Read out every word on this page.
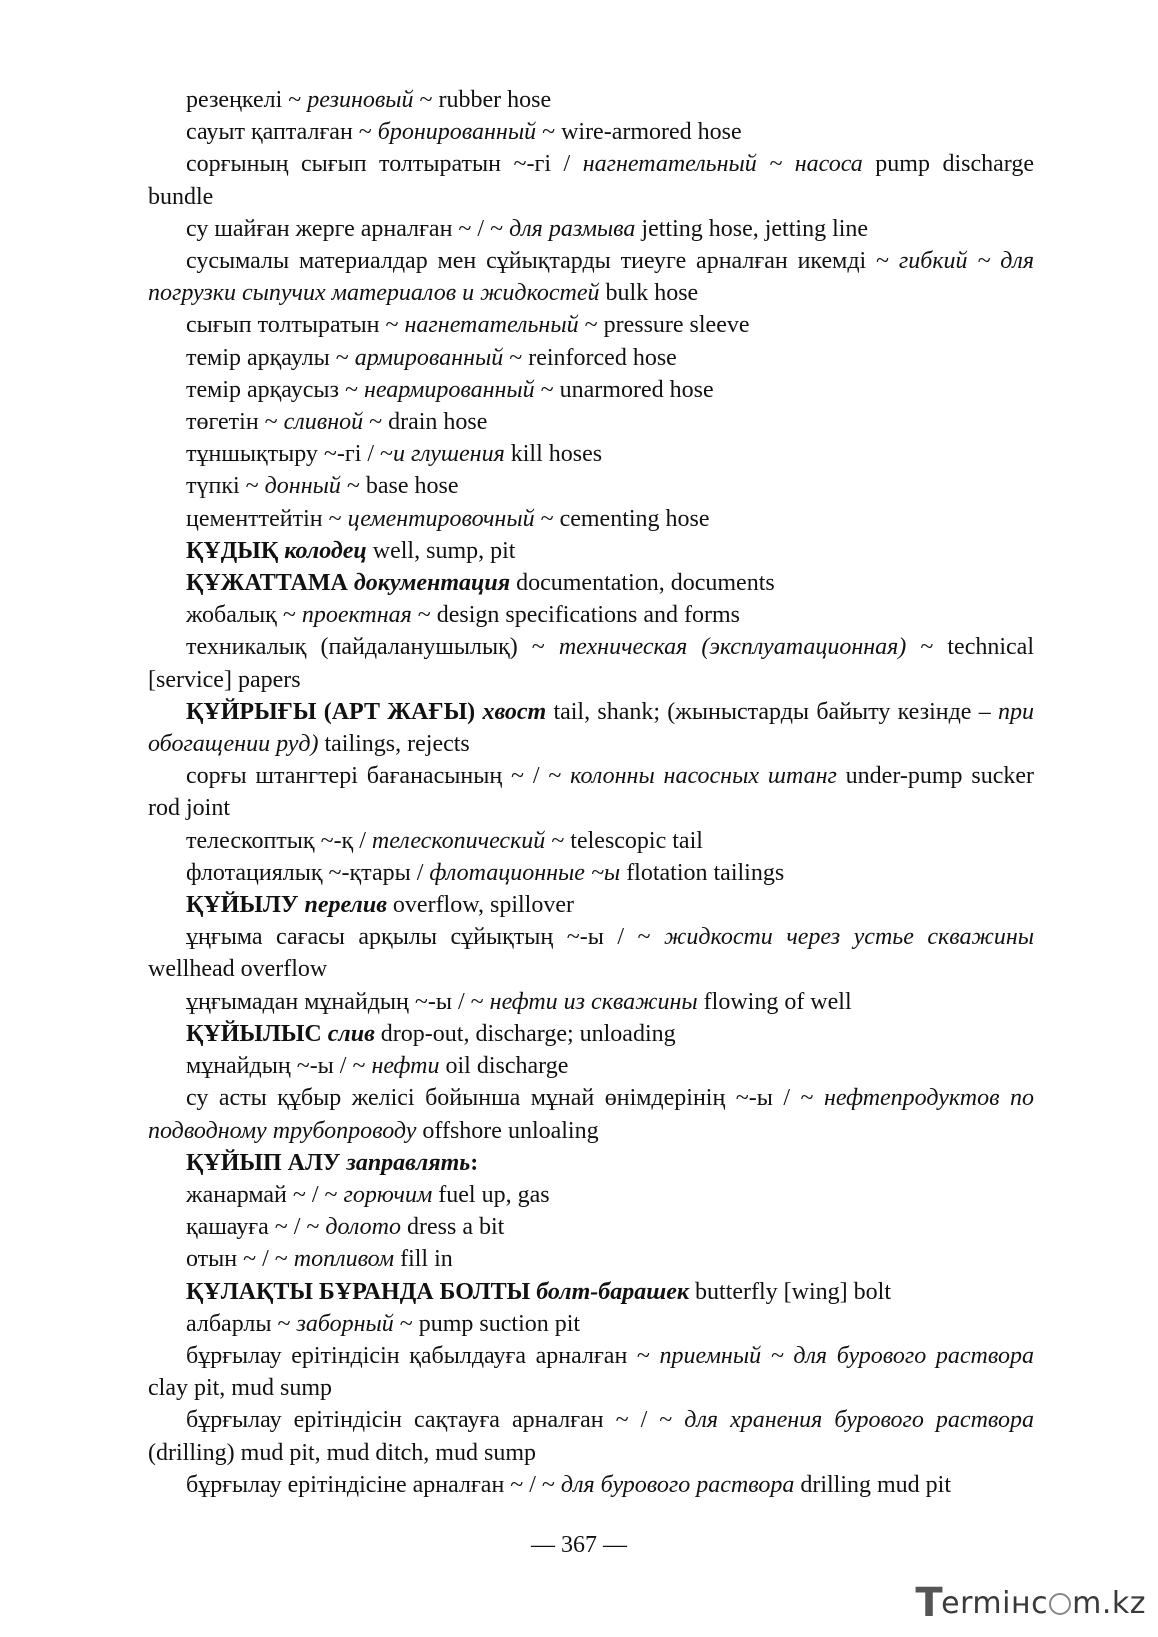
резеңкелі ~ резиновый ~ rubber hose

сауыт қапталған ~ бронированный ~ wire-armored hose

сорғының сығып толтыратын ~-гі / нагнетательный ~ насоса pump discharge bundle

су шайған жерге арналған ~ / ~ для размыва jetting hose, jetting line

сусымалы материалдар мен сұйықтарды тиеуге арналған икемді ~ гибкий ~ для погрузки сыпучих материалов и жидкостей bulk hose

сығып толтыратын ~ нагнетательный ~ pressure sleeve

темір арқаулы ~ армированный ~ reinforced hose

темір арқаусыз ~ неармированный ~ unarmored hose

төгетін ~ сливной ~ drain hose

тұншықтыру ~-гі / ~и глушения kill hoses

түпкі ~ донный ~ base hose

цементтейтін ~ цементировочный ~ cementing hose

ҚҰДЫҚ колодец well, sump, pit

ҚҰЖАТТАМА документация documentation, documents

жобалық ~ проектная ~ design specifications and forms

техникалық (пайдаланушылық) ~ техническая (эксплуатационная) ~ technical [service] papers

ҚҰЙРЫҒЫ (АРТ ЖАҒЫ) хвост tail, shank; (жыныстарды байыту кезінде – при обогащении руд) tailings, rejects

сорғы штангтері бағанасының ~ / ~ колонны насосных штанг under-pump sucker rod joint

телескоптық ~-қ / телескопический ~ telescopic tail

флотациялық ~-қтары / флотационные ~ы flotation tailings

ҚҰЙЫЛУ перелив overflow, spillover

ұңғыма сағасы арқылы сұйықтың ~-ы / ~ жидкости через устье скважины wellhead overflow

ұңғымадан мұнайдың ~-ы / ~ нефти из скважины flowing of well

ҚҰЙЫЛЫС слив drop-out, discharge; unloading

мұнайдың ~-ы / ~ нефти oil discharge

су асты құбыр желісі бойынша мұнай өнімдерінің ~-ы / ~ нефтепродуктов по подводному трубопроводу offshore unloaling

ҚҰЙЫП АЛУ заправлять:

жанармай ~ / ~ горючим fuel up, gas

қашауға ~ / ~ долото dress a bit

отын ~ / ~ топливом fill in

ҚҰЛАҚТЫ БҰРАНДА БОЛТЫ болт-барашек butterfly [wing] bolt

албарлы ~ заборный ~ pump suction pit

бұрғылау ерітіндісін қабылдауға арналған ~ приемный ~ для бурового раствора clay pit, mud sump

бұрғылау ерітіндісін сақтауға арналған ~ / ~ для хранения бурового раствора (drilling) mud pit, mud ditch, mud sump

бұрғылау ерітіндісіне арналған ~ / ~ для бурового раствора drilling mud pit

— 367 —
T
ermінc m.kz
